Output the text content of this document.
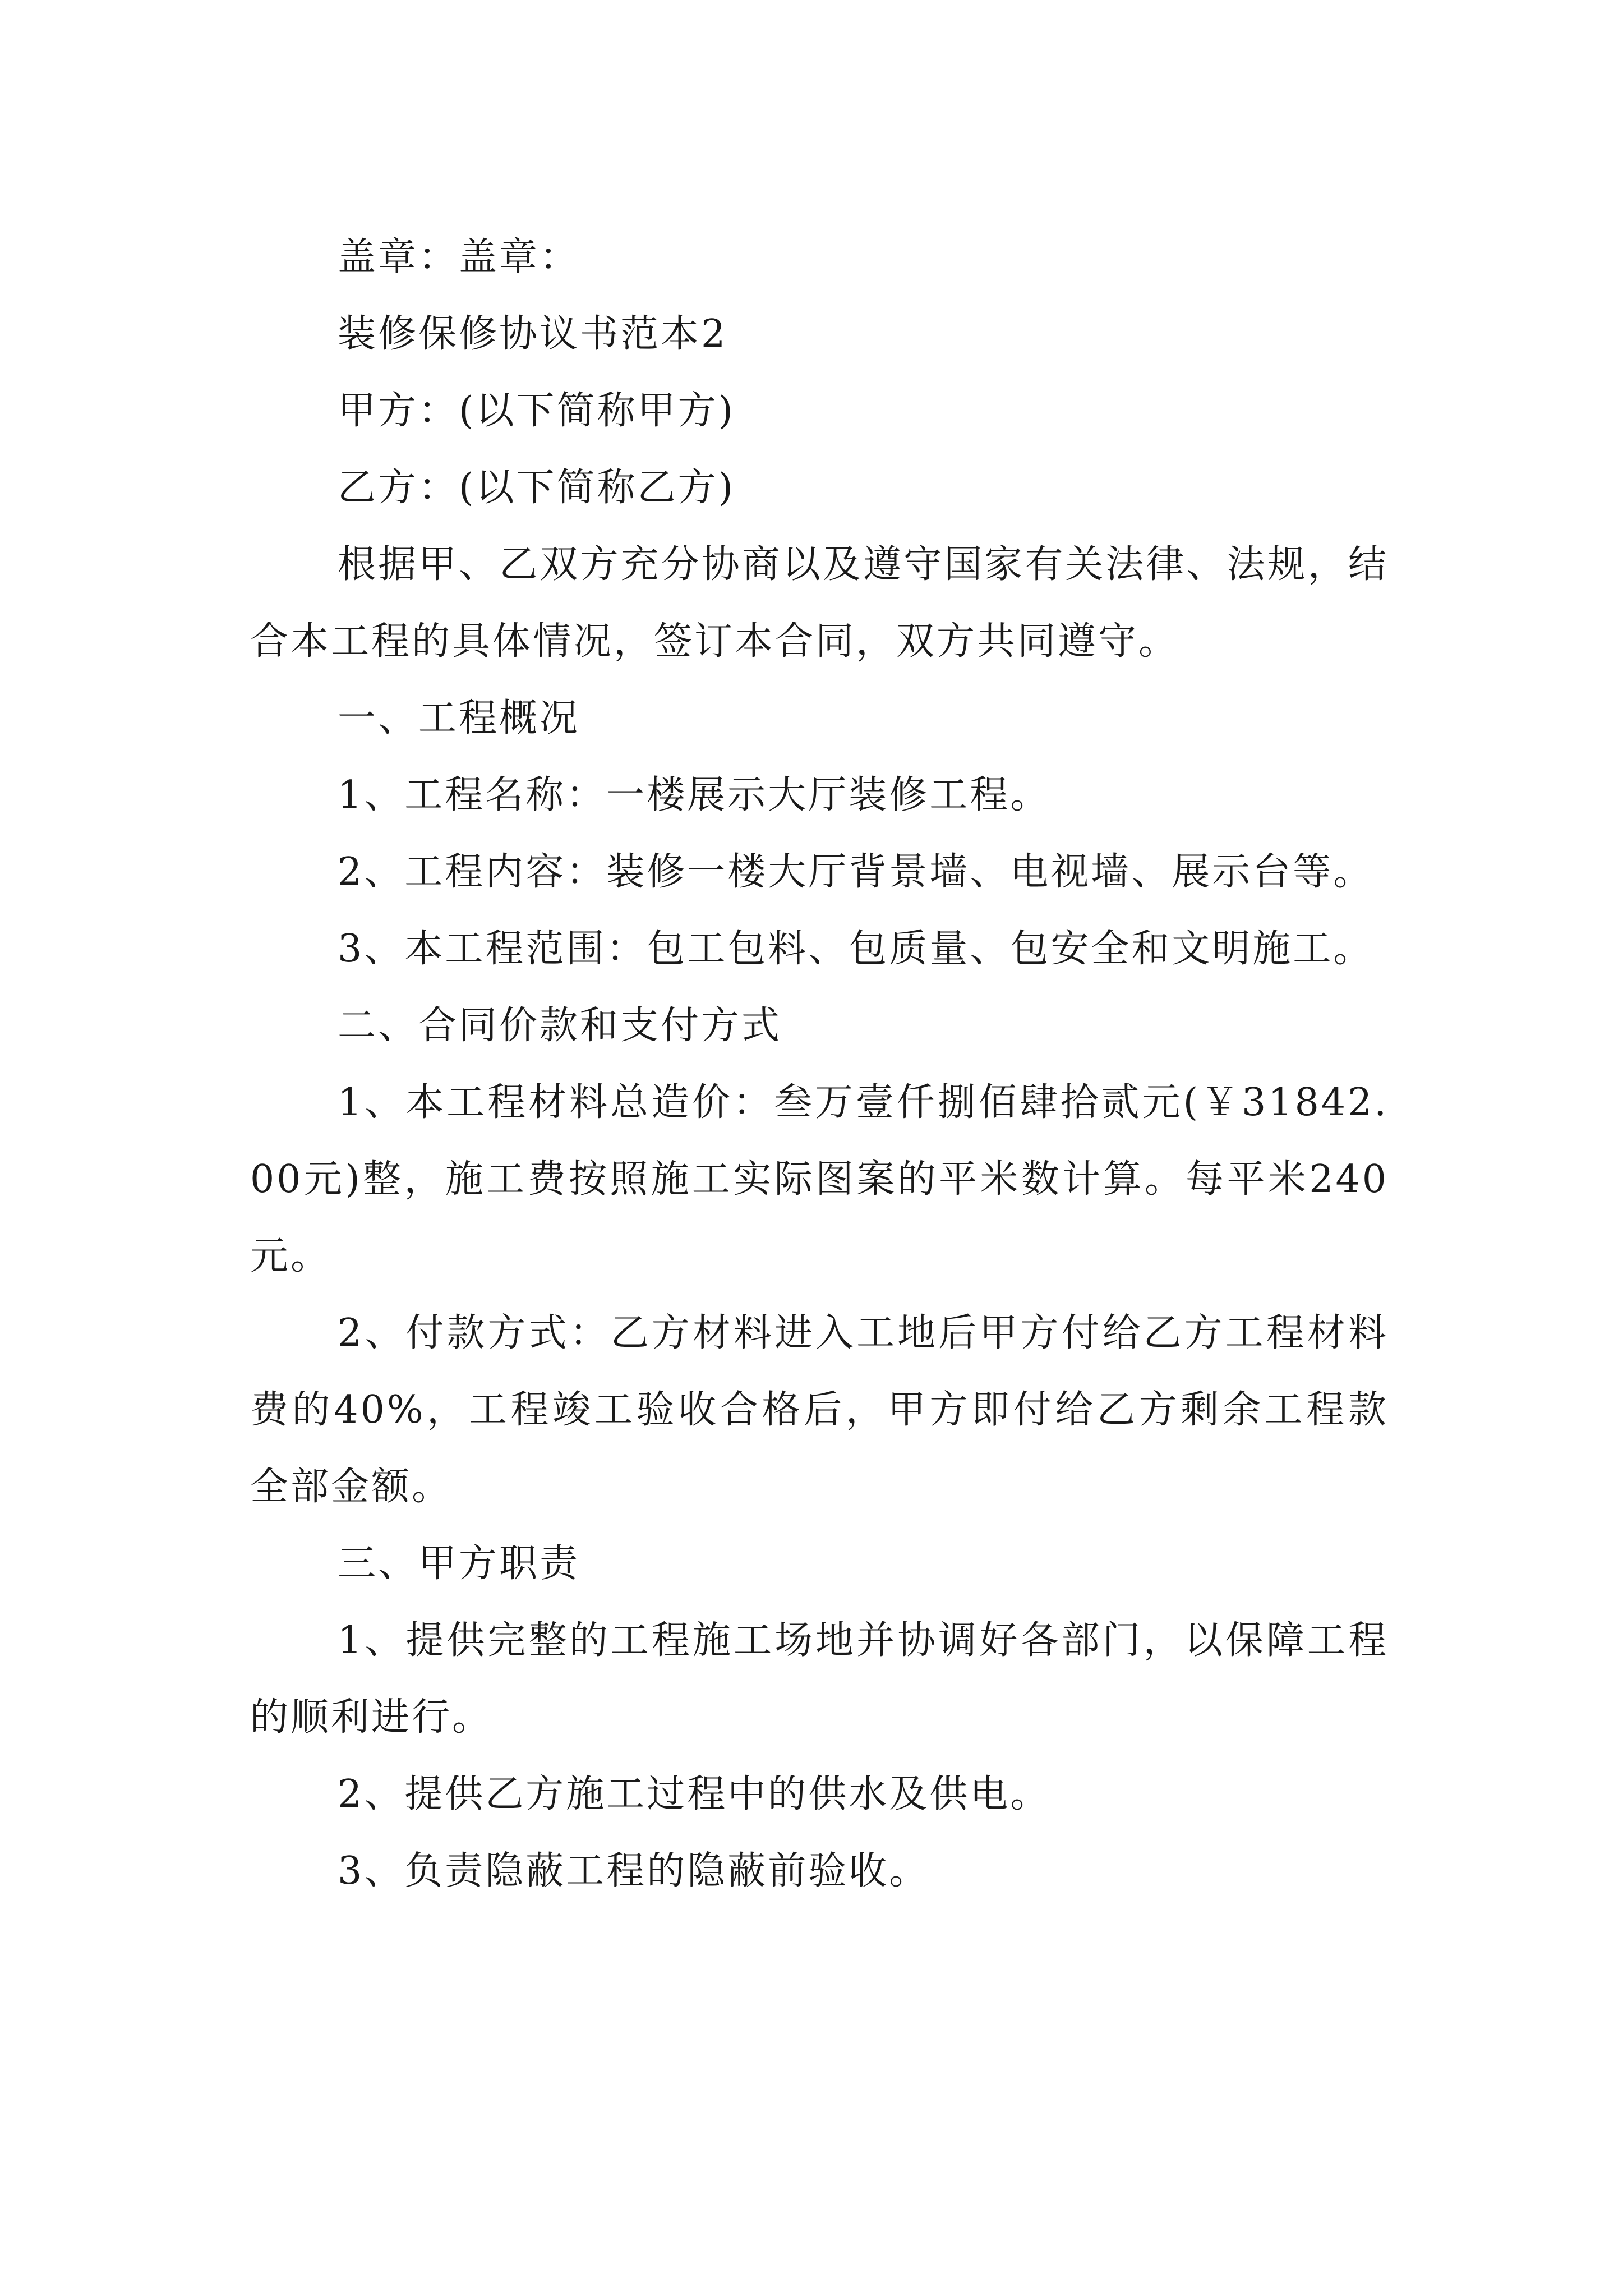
盖章：盖章：

装修保修协议书范本2

甲方：(以下简称甲方)

乙方：(以下简称乙方)

根据甲、乙双方充分协商以及遵守国家有关法律、法规，结合本工程的具体情况，签订本合同，双方共同遵守。

一、工程概况

1、工程名称：一楼展示大厅装修工程。

2、工程内容：装修一楼大厅背景墙、电视墙、展示台等。

3、本工程范围：包工包料、包质量、包安全和文明施工。

二、合同价款和支付方式

1、本工程材料总造价：叁万壹仟捌佰肆拾贰元(￥31842.00元)整，施工费按照施工实际图案的平米数计算。每平米240元。

2、付款方式：乙方材料进入工地后甲方付给乙方工程材料费的40%，工程竣工验收合格后，甲方即付给乙方剩余工程款全部金额。

三、甲方职责

1、提供完整的工程施工场地并协调好各部门，以保障工程的顺利进行。

2、提供乙方施工过程中的供水及供电。

3、负责隐蔽工程的隐蔽前验收。
